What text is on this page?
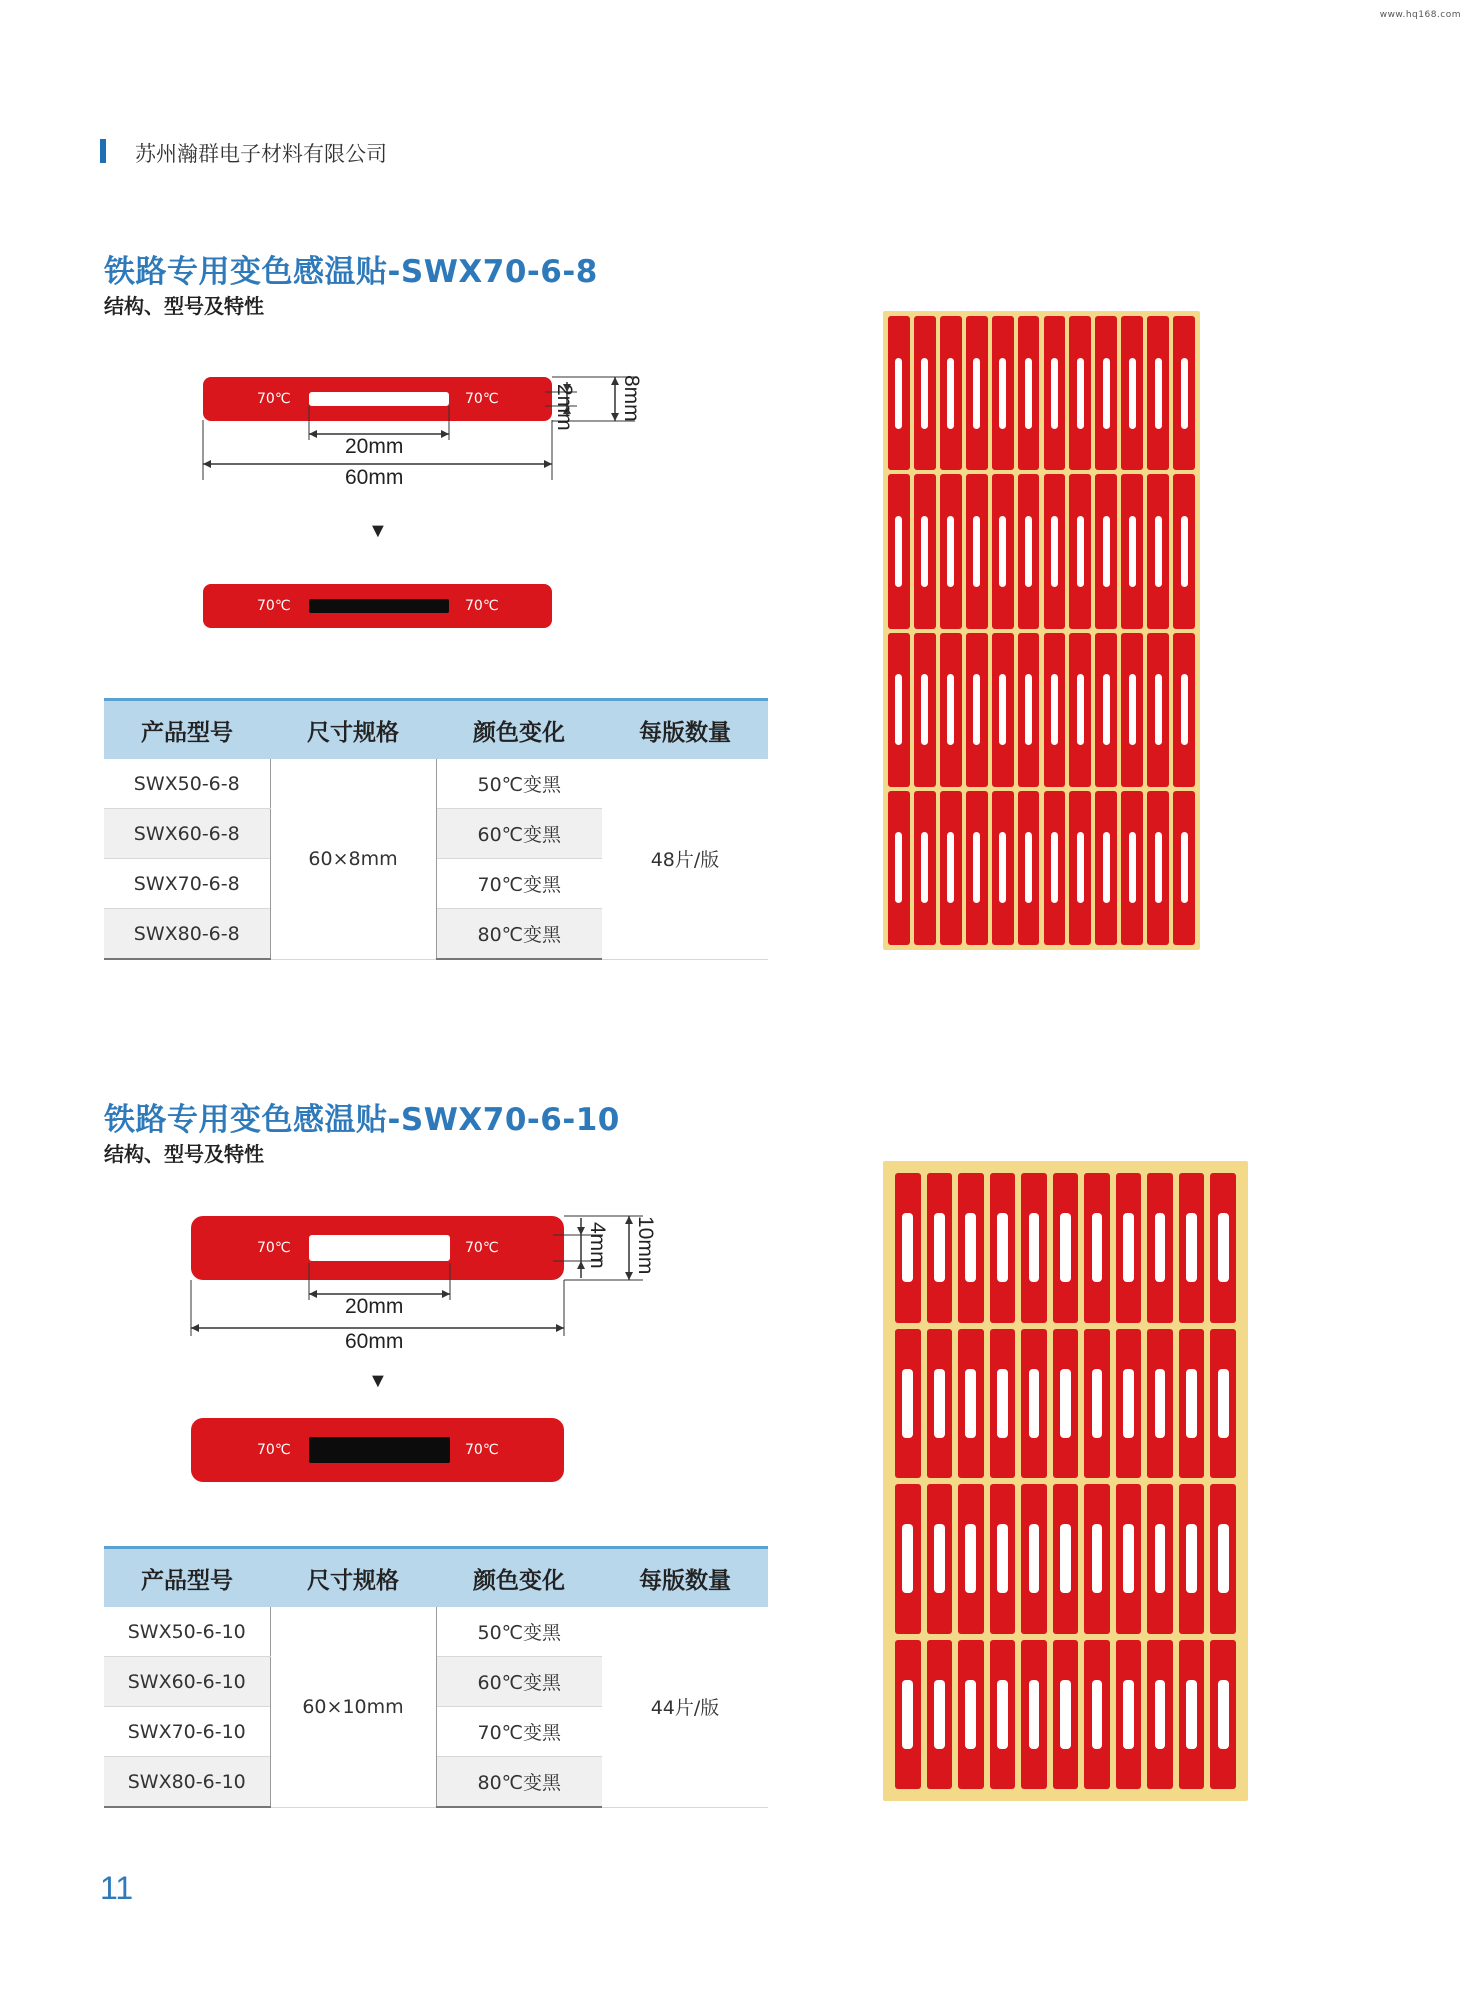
www.hq168.com
苏州瀚群电子材料有限公司
铁路专用变色感温贴-SWX70-6-8
结构、型号及特性
70℃	70℃
20mm
60mm
2mm 8mm
▼
70℃	70℃
产品型号	尺寸规格	颜色变化	每版数量
SWX50-6-8	60×8mm	50℃变黑	48片/版
SWX60-6-8		60℃变黑	
SWX70-6-8		70℃变黑	
SWX80-6-8		80℃变黑	
铁路专用变色感温贴-SWX70-6-10
结构、型号及特性
70℃	70℃
20mm
60mm
4mm 10mm
▼
70℃	70℃
产品型号	尺寸规格	颜色变化	每版数量
SWX50-6-10	60×10mm	50℃变黑	44片/版
SWX60-6-10		60℃变黑	
SWX70-6-10		70℃变黑	
SWX80-6-10		80℃变黑	
11
